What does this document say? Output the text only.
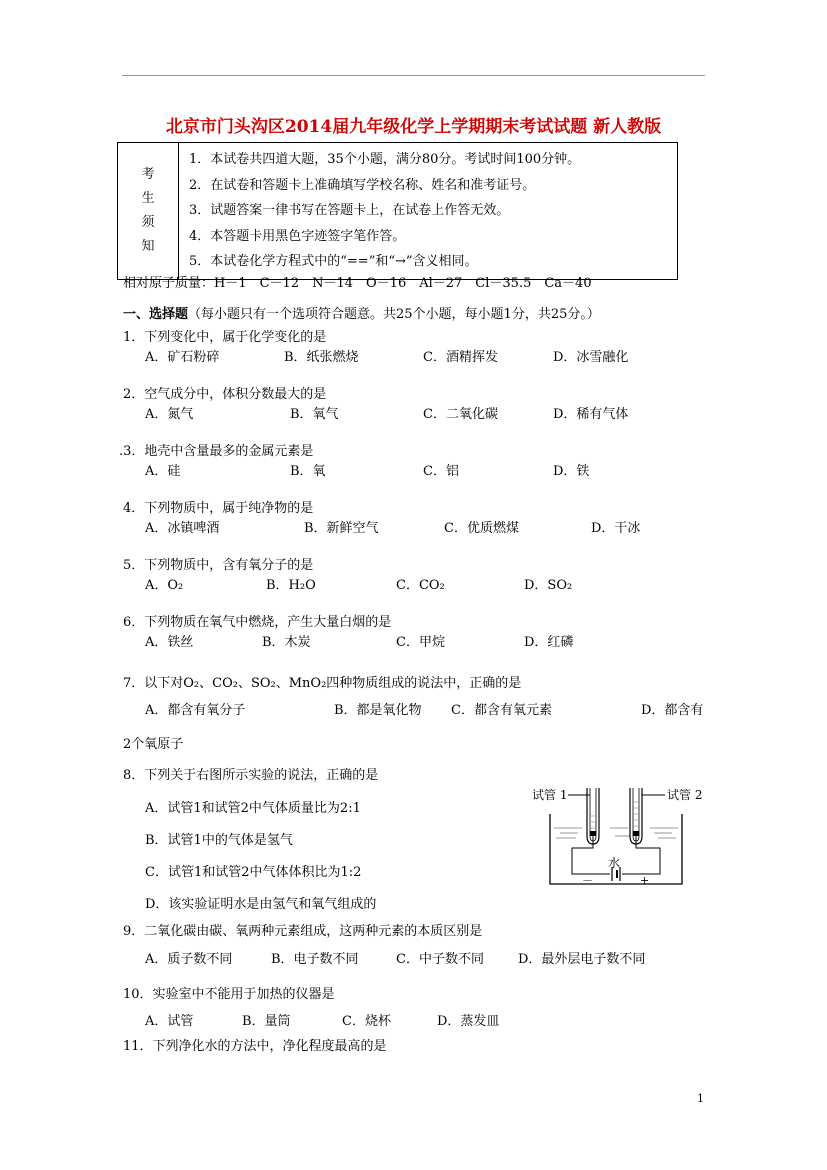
北京市门头沟区2014届九年级化学上学期期末考试试题 新人教版
考
生
须
知

1．本试卷共四道大题，35个小题，满分80分。考试时间100分钟。
2．在试卷和答题卡上准确填写学校名称、姓名和准考证号。
3．试题答案一律书写在答题卡上，在试卷上作答无效。
4．本答题卡用黑色字迹签字笔作答。
5．本试卷化学方程式中的“==”和“→”含义相同。
相对原子质量：H－1　C－12　N－14　O－16　Al－27　Cl－35.5　Ca－40
一、选择题（每小题只有一个选项符合题意。共25个小题，每小题1分，共25分。）
1．下列变化中，属于化学变化的是
A．矿石粉碎	B．纸张燃烧	C．酒精挥发	D．冰雪融化
2．空气成分中，体积分数最大的是
A．氮气	B．氧气	C．二氧化碳	D．稀有气体
.3．地壳中含量最多的金属元素是
A．硅	B．氧	C．铝	D．铁
4．下列物质中，属于纯净物的是
A．冰镇啤酒	B．新鲜空气	C．优质燃煤	D．干冰
5．下列物质中，含有氧分子的是
A．O₂	B．H₂O	C．CO₂	D．SO₂
6．下列物质在氧气中燃烧，产生大量白烟的是
A．铁丝	B．木炭	C．甲烷	D．红磷
7．以下对O₂、CO₂、SO₂、MnO₂四种物质组成的说法中，正确的是
A．都含有氧分子	B．都是氧化物 C．都含有氧元素	D．都含有
2个氧原子
8．下列关于右图所示实验的说法，正确的是
A．试管1和试管2中气体质量比为2:1
B．试管1中的气体是氢气
C．试管1和试管2中气体体积比为1:2
D．该实验证明水是由氢气和氧气组成的
试管 1	试管 2
水
－	+
9．二氧化碳由碳、氧两种元素组成，这两种元素的本质区别是
A．质子数不同	B．电子数不同	C．中子数不同	D．最外层电子数不同
10．实验室中不能用于加热的仪器是
A．试管	B．量筒	C．烧杯	D．蒸发皿
11．下列净化水的方法中，净化程度最高的是
1
